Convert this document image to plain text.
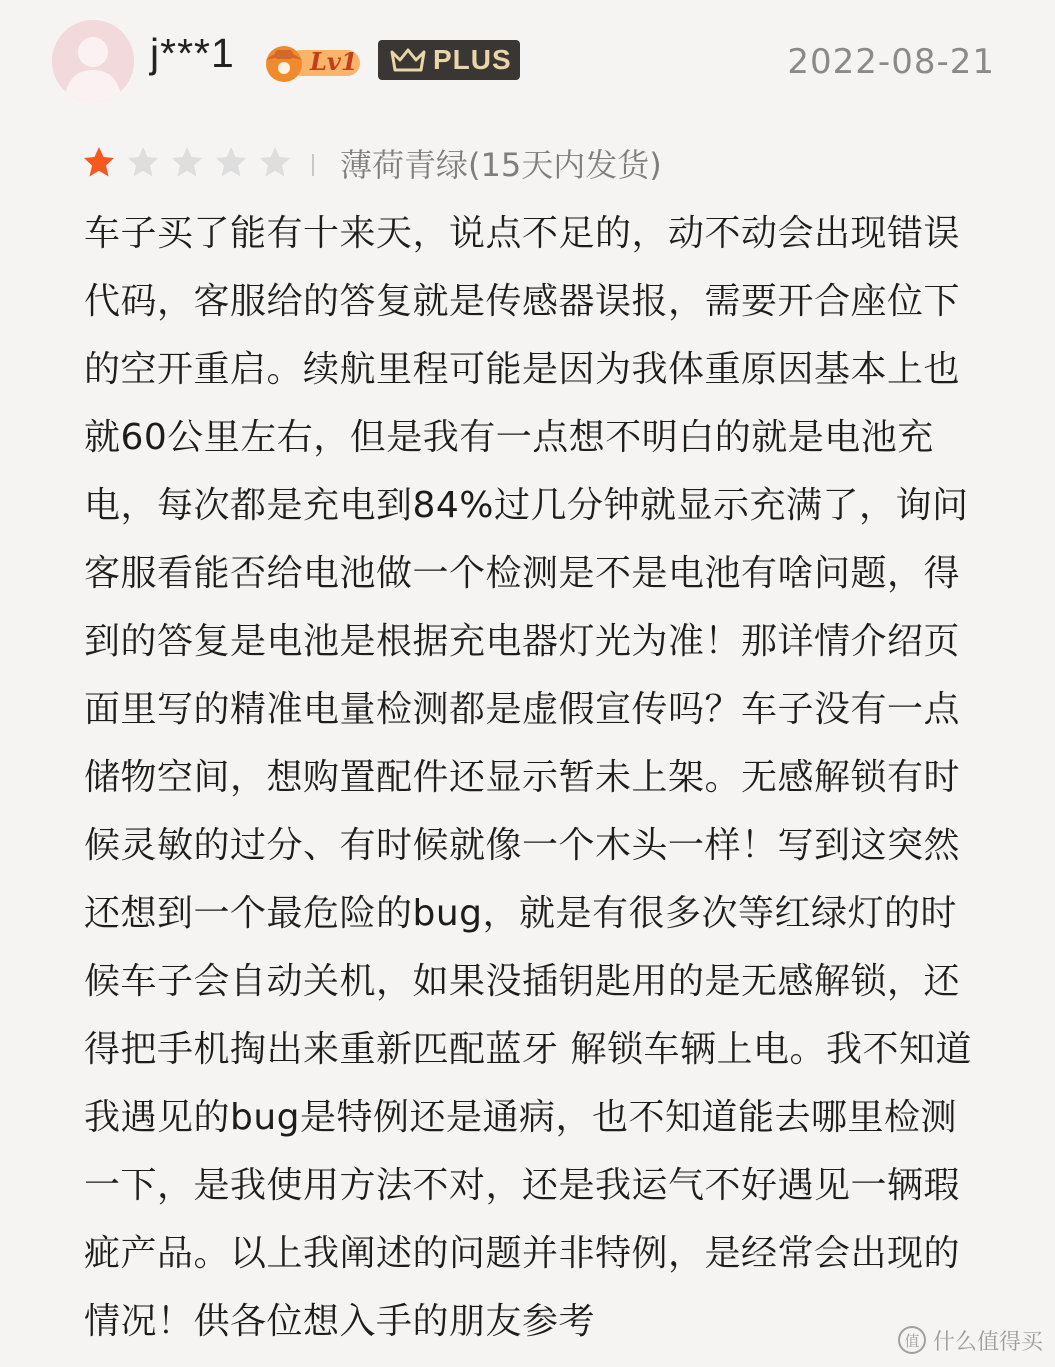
j***1	Lv1	PLUS	2022-08-21
薄荷青绿(15天内发货)
车子买了能有十来天，说点不足的，动不动会出现错误
代码，客服给的答复就是传感器误报，需要开合座位下
的空开重启。续航里程可能是因为我体重原因基本上也
就60公里左右，但是我有一点想不明白的就是电池充
电，每次都是充电到84%过几分钟就显示充满了，询问
客服看能否给电池做一个检测是不是电池有啥问题，得
到的答复是电池是根据充电器灯光为准！那详情介绍页
面里写的精准电量检测都是虚假宣传吗？车子没有一点
储物空间，想购置配件还显示暂未上架。无感解锁有时
候灵敏的过分、有时候就像一个木头一样！写到这突然
还想到一个最危险的bug，就是有很多次等红绿灯的时
候车子会自动关机，如果没插钥匙用的是无感解锁，还
得把手机掏出来重新匹配蓝牙 解锁车辆上电。我不知道
我遇见的bug是特例还是通病，也不知道能去哪里检测
一下，是我使用方法不对，还是我运气不好遇见一辆瑕
疵产品。以上我阐述的问题并非特例，是经常会出现的
情况！供各位想入手的朋友参考	值 什么值得买
